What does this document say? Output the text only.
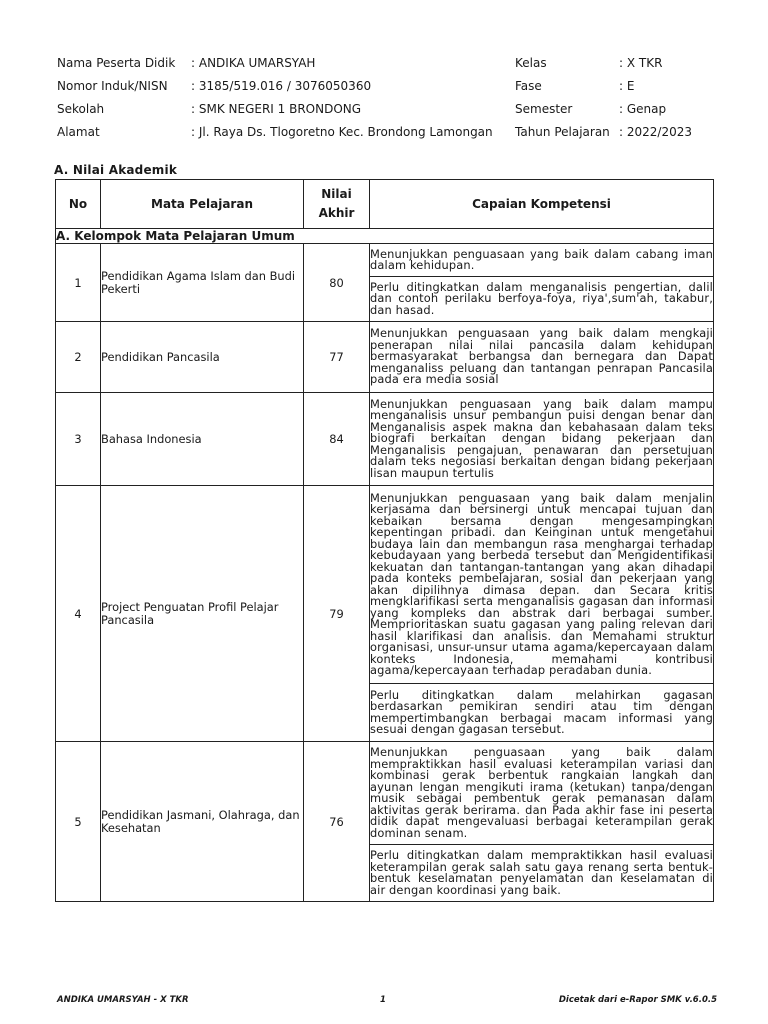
Nama Peserta Didik : ANDIKA UMARSYAH	Kelas	: X TKR
Nomor Induk/NISN : 3185/519.016 / 3076050360	Fase	: E
Sekolah	: SMK NEGERI 1 BRONDONG	Semester	: Genap
Alamat	: Jl. Raya Ds. Tlogoretno Kec. Brondong Lamongan Tahun Pelajaran : 2022/2023
A. Nilai Akademik
No	Mata Pelajaran	Nilai
Akhir	Capaian Kompetensi
A. Kelompok Mata Pelajaran Umum			
1	Pendidikan Agama Islam dan Budi Pekerti	80	Menunjukkan penguasaan yang baik dalam cabang iman dalam kehidupan.
			Perlu ditingkatkan dalam menganalisis pengertian, dalil dan contoh perilaku berfoya-foya, riya',sum'ah, takabur, dan hasad.
2	Pendidikan Pancasila	77	Menunjukkan penguasaan yang baik dalam mengkaji penerapan nilai nilai pancasila dalam kehidupan bermasyarakat berbangsa dan bernegara dan Dapat menganaliss peluang dan tantangan penrapan Pancasila pada era media sosial
3	Bahasa Indonesia	84	Menunjukkan penguasaan yang baik dalam mampu menganalisis unsur pembangun puisi dengan benar dan Menganalisis aspek makna dan kebahasaan dalam teks biografi berkaitan dengan bidang pekerjaan dan Menganalisis pengajuan, penawaran dan persetujuan dalam teks negosiasi berkaitan dengan bidang pekerjaan lisan maupun tertulis
4	Project Penguatan Profil Pelajar Pancasila	79	Menunjukkan penguasaan yang baik dalam menjalin kerjasama dan bersinergi untuk mencapai tujuan dan kebaikan bersama dengan mengesampingkan kepentingan pribadi. dan Keinginan untuk mengetahui budaya lain dan membangun rasa menghargai terhadap kebudayaan yang berbeda tersebut dan Mengidentifikasi kekuatan dan tantangan-tantangan yang akan dihadapi pada konteks pembelajaran, sosial dan pekerjaan yang akan dipilihnya dimasa depan. dan Secara kritis mengklarifikasi serta menganalisis gagasan dan informasi yang kompleks dan abstrak dari berbagai sumber. Memprioritaskan suatu gagasan yang paling relevan dari hasil klarifikasi dan analisis. dan Memahami struktur organisasi, unsur-unsur utama agama/kepercayaan dalam konteks Indonesia, memahami kontribusi agama/kepercayaan terhadap peradaban dunia.
			Perlu ditingkatkan dalam melahirkan gagasan berdasarkan pemikiran sendiri atau tim dengan mempertimbangkan berbagai macam informasi yang sesuai dengan gagasan tersebut.
5	Pendidikan Jasmani, Olahraga, dan Kesehatan	76	Menunjukkan penguasaan yang baik dalam mempraktikkan hasil evaluasi keterampilan variasi dan kombinasi gerak berbentuk rangkaian langkah dan ayunan lengan mengikuti irama (ketukan) tanpa/dengan musik sebagai pembentuk gerak pemanasan dalam aktivitas gerak berirama. dan Pada akhir fase ini peserta didik dapat mengevaluasi berbagai keterampilan gerak dominan senam.
			Perlu ditingkatkan dalam mempraktikkan hasil evaluasi keterampilan gerak salah satu gaya renang serta bentuk-bentuk keselamatan penyelamatan dan keselamatan di air dengan koordinasi yang baik.
ANDIKA UMARSYAH - X TKR	1	Dicetak dari e-Rapor SMK v.6.0.5
